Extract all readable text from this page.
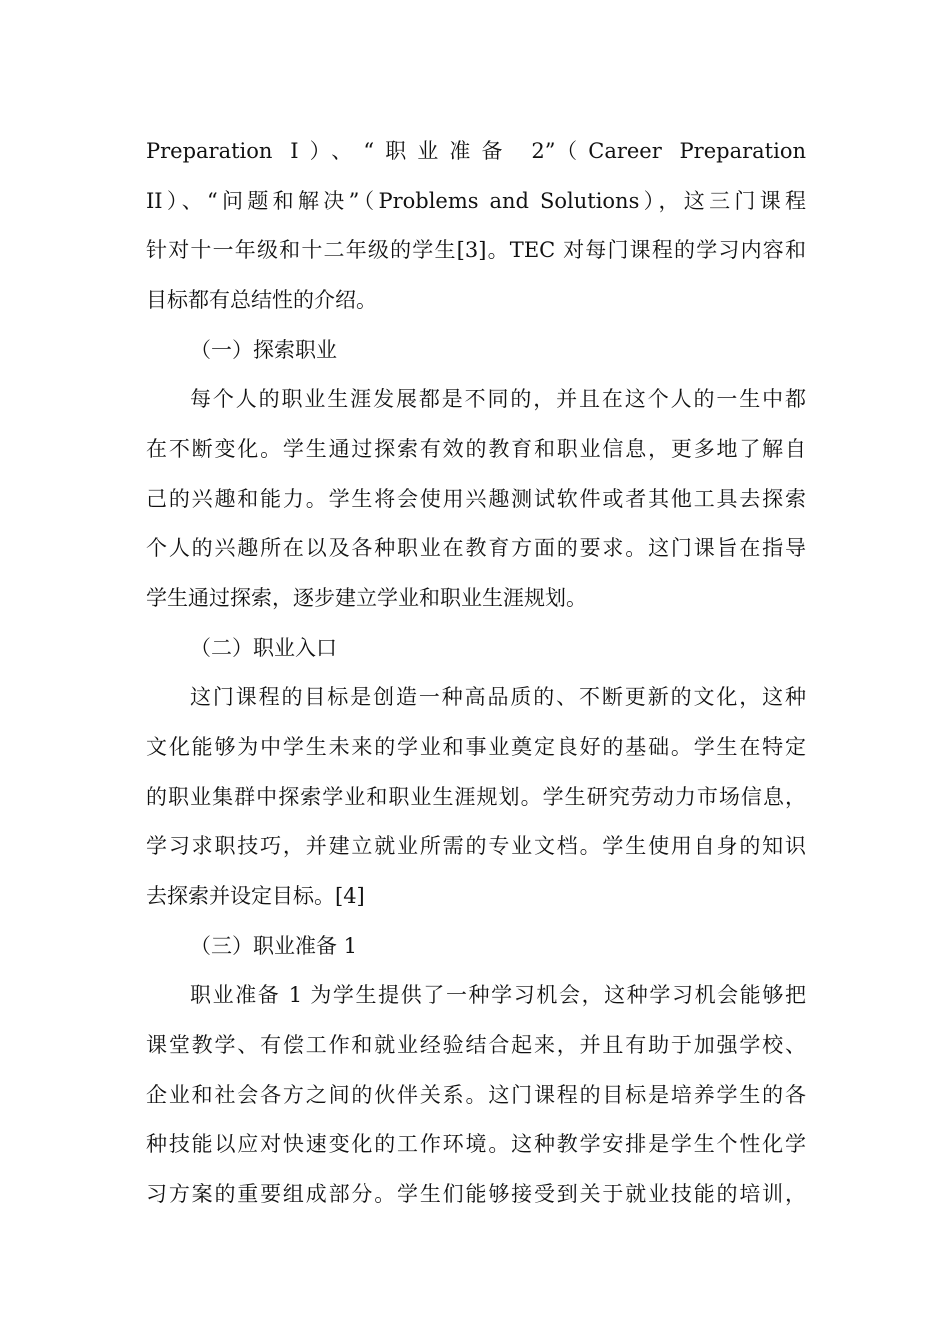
Preparation Ⅰ）、“职业准备 2”（Career Preparation
II）、“问题和解决”（Problems and Solutions），这三门课程
针对十一年级和十二年级的学生[3]。TEC 对每门课程的学习内容和
目标都有总结性的介绍。
（一）探索职业
每个人的职业生涯发展都是不同的，并且在这个人的一生中都
在不断变化。学生通过探索有效的教育和职业信息，更多地了解自
己的兴趣和能力。学生将会使用兴趣测试软件或者其他工具去探索
个人的兴趣所在以及各种职业在教育方面的要求。这门课旨在指导
学生通过探索，逐步建立学业和职业生涯规划。
（二）职业入口
这门课程的目标是创造一种高品质的、不断更新的文化，这种
文化能够为中学生未来的学业和事业奠定良好的基础。学生在特定
的职业集群中探索学业和职业生涯规划。学生研究劳动力市场信息，
学习求职技巧，并建立就业所需的专业文档。学生使用自身的知识
去探索并设定目标。[4]
（三）职业准备 1
职业准备 1 为学生提供了一种学习机会，这种学习机会能够把
课堂教学、有偿工作和就业经验结合起来，并且有助于加强学校、
企业和社会各方之间的伙伴关系。这门课程的目标是培养学生的各
种技能以应对快速变化的工作环境。这种教学安排是学生个性化学
习方案的重要组成部分。学生们能够接受到关于就业技能的培训，
